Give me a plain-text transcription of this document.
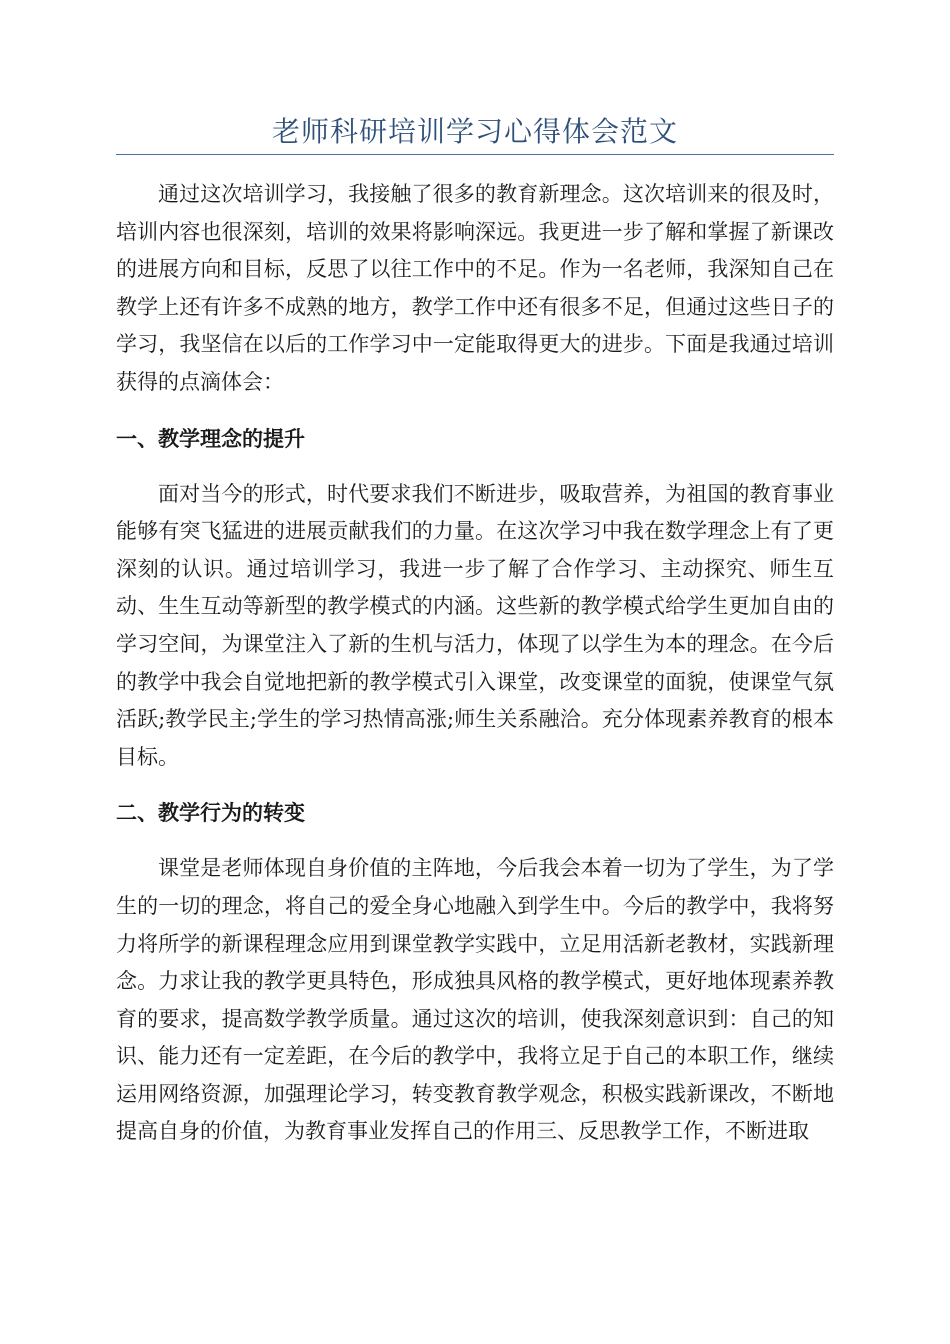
老师科研培训学习心得体会范文

通过这次培训学习，我接触了很多的教育新理念。这次培训来的很及时，培训内容也很深刻，培训的效果将影响深远。我更进一步了解和掌握了新课改的进展方向和目标，反思了以往工作中的不足。作为一名老师，我深知自己在教学上还有许多不成熟的地方，教学工作中还有很多不足，但通过这些日子的学习，我坚信在以后的工作学习中一定能取得更大的进步。下面是我通过培训获得的点滴体会：

一、教学理念的提升

面对当今的形式，时代要求我们不断进步，吸取营养，为祖国的教育事业能够有突飞猛进的进展贡献我们的力量。在这次学习中我在数学理念上有了更深刻的认识。通过培训学习，我进一步了解了合作学习、主动探究、师生互动、生生互动等新型的教学模式的内涵。这些新的教学模式给学生更加自由的学习空间，为课堂注入了新的生机与活力，体现了以学生为本的理念。在今后的教学中我会自觉地把新的教学模式引入课堂，改变课堂的面貌，使课堂气氛活跃;教学民主;学生的学习热情高涨;师生关系融洽。充分体现素养教育的根本目标。

二、教学行为的转变

课堂是老师体现自身价值的主阵地，今后我会本着一切为了学生，为了学生的一切的理念，将自己的爱全身心地融入到学生中。今后的教学中，我将努力将所学的新课程理念应用到课堂教学实践中，立足用活新老教材，实践新理念。力求让我的教学更具特色，形成独具风格的教学模式，更好地体现素养教育的要求，提高数学教学质量。通过这次的培训，使我深刻意识到：自己的知识、能力还有一定差距，在今后的教学中，我将立足于自己的本职工作，继续运用网络资源，加强理论学习，转变教育教学观念，积极实践新课改，不断地提高自身的价值，为教育事业发挥自己的作用三、反思教学工作，不断进取
